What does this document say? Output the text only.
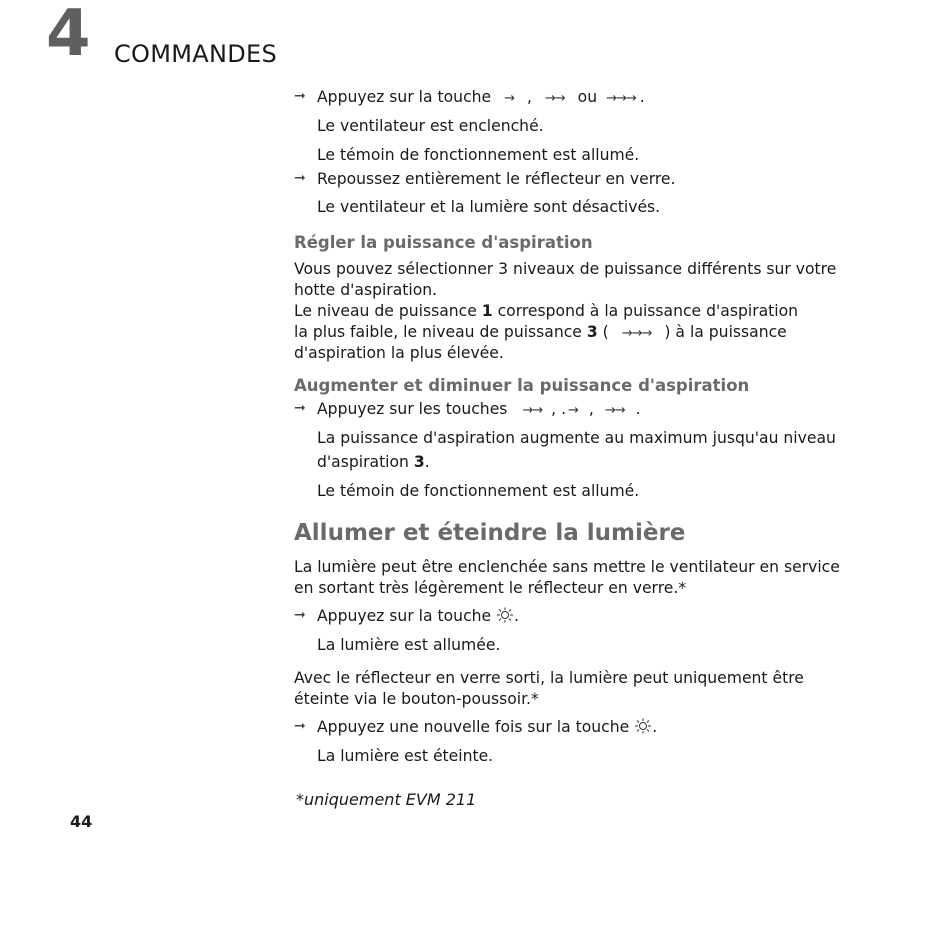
4 COMMANDES
➞ Appuyez sur la touche → , →→ ou →→→ .
Le ventilateur est enclenché.
Le témoin de fonctionnement est allumé.
➞ Repoussez entièrement le réflecteur en verre.
Le ventilateur et la lumière sont désactivés.
Régler la puissance d'aspiration
Vous pouvez sélectionner 3 niveaux de puissance différents sur votre
hotte d'aspiration.
Le niveau de puissance 1 correspond à la puissance d'aspiration
la plus faible, le niveau de puissance 3 ( →→→ ) à la puissance
d'aspiration la plus élevée.
Augmenter et diminuer la puissance d'aspiration
➞ Appuyez sur les touches →→ , . → , →→ .
La puissance d'aspiration augmente au maximum jusqu'au niveau
d'aspiration 3.
Le témoin de fonctionnement est allumé.
Allumer et éteindre la lumière
La lumière peut être enclenchée sans mettre le ventilateur en service
en sortant très légèrement le réflecteur en verre.*
➞ Appuyez sur la touche .
La lumière est allumée.
Avec le réflecteur en verre sorti, la lumière peut uniquement être
éteinte via le bouton-poussoir.*
➞ Appuyez une nouvelle fois sur la touche .
La lumière est éteinte.
*uniquement EVM 211
44
